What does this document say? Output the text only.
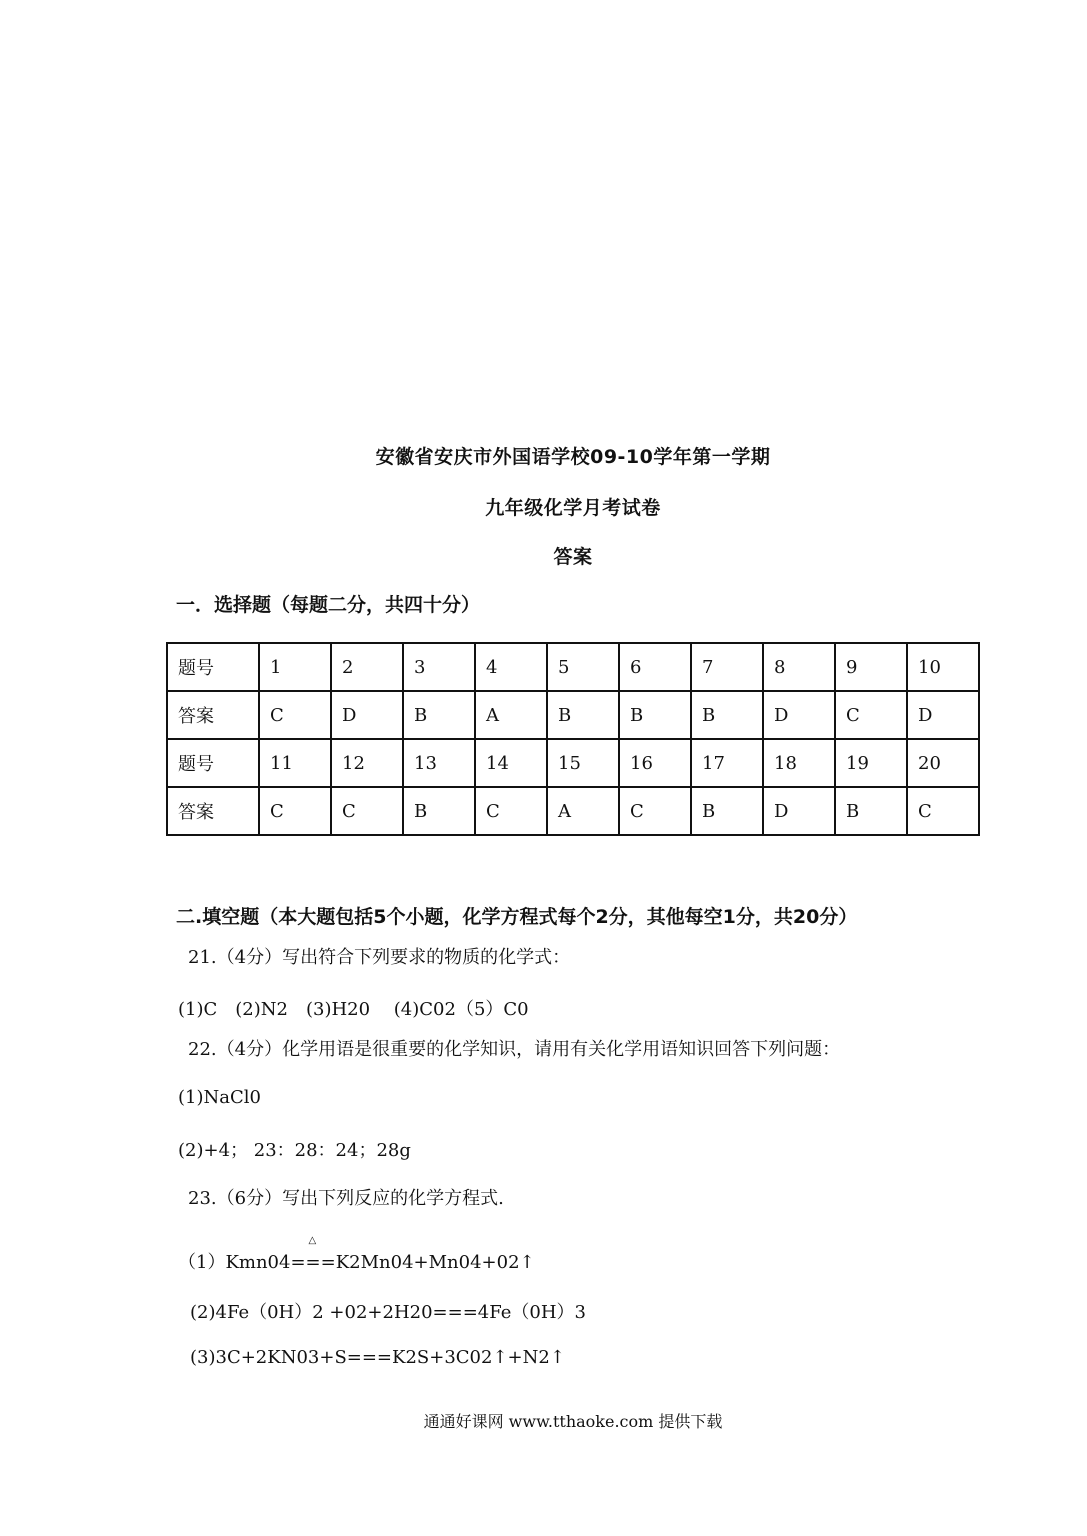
安徽省安庆市外国语学校09-10学年第一学期
九年级化学月考试卷
答案
一．选择题（每题二分，共四十分）
题号	1	2	3	4	5	6	7	8	9	10
答案	C	D	B	A	B	B	B	D	C	D
题号	11	12	13	14	15	16	17	18	19	20
答案	C	C	B	C	A	C	B	D	B	C
二.填空题（本大题包括5个小题，化学方程式每个2分，其他每空1分，共20分）
21.（4分）写出符合下列要求的物质的化学式：
(1)C　(2)N2　(3)H20　 (4)C02（5）C0
22.（4分）化学用语是很重要的化学知识，请用有关化学用语知识回答下列问题：
(1)NaCl0
(2)+4； 23：28：24；28g
23.（6分）写出下列反应的化学方程式.
（1）Kmn04
△
===K2Mn04+Mn04+02↑
(2)4Fe（0H）2 +02+2H20===4Fe（0H）3
(3)3C+2KN03+S===K2S+3C02↑+N2↑
通通好课网 www.tthaoke.com 提供下载
